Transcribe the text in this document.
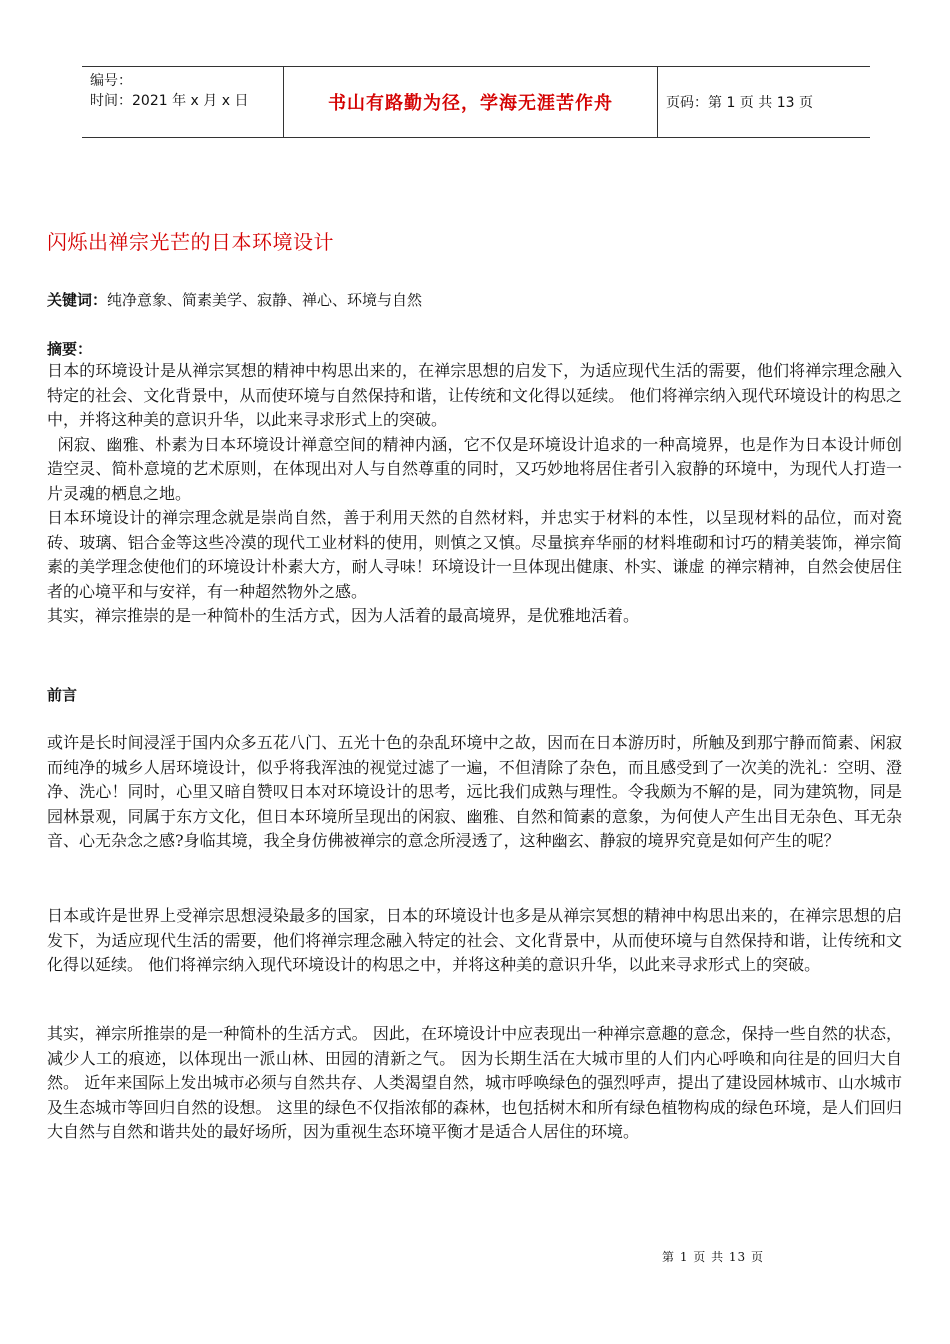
编号：
时间：2021 年 x 月 x 日	书山有路勤为径，学海无涯苦作舟	页码：第 1 页 共 13 页
闪烁出禅宗光芒的日本环境设计
关键词：纯净意象、简素美学、寂静、禅心、环境与自然
摘要：

日本的环境设计是从禅宗冥想的精神中构思出来的，在禅宗思想的启发下，为适应现代生活的需要，他们将禅宗理念融入特定的社会、文化背景中，从而使环境与自然保持和谐，让传统和文化得以延续。 他们将禅宗纳入现代环境设计的构思之中，并将这种美的意识升华，以此来寻求形式上的突破。

闲寂、幽雅、朴素为日本环境设计禅意空间的精神内涵，它不仅是环境设计追求的一种高境界，也是作为日本设计师创造空灵、简朴意境的艺术原则，在体现出对人与自然尊重的同时，又巧妙地将居住者引入寂静的环境中，为现代人打造一片灵魂的栖息之地。

日本环境设计的禅宗理念就是崇尚自然，善于利用天然的自然材料，并忠实于材料的本性，以呈现材料的品位，而对瓷砖、玻璃、铝合金等这些冷漠的现代工业材料的使用，则慎之又慎。尽量摈弃华丽的材料堆砌和讨巧的精美装饰，禅宗简素的美学理念使他们的环境设计朴素大方，耐人寻味！环境设计一旦体现出健康、朴实、谦虚 的禅宗精神，自然会使居住者的心境平和与安祥，有一种超然物外之感。

其实，禅宗推崇的是一种简朴的生活方式，因为人活着的最高境界，是优雅地活着。

前言
或许是长时间浸淫于国内众多五花八门、五光十色的杂乱环境中之故，因而在日本游历时，所触及到那宁静而简素、闲寂而纯净的城乡人居环境设计，似乎将我浑浊的视觉过滤了一遍，不但清除了杂色，而且感受到了一次美的洗礼：空明、澄净、洗心！同时，心里又暗自赞叹日本对环境设计的思考，远比我们成熟与理性。令我颇为不解的是，同为建筑物，同是园林景观，同属于东方文化，但日本环境所呈现出的闲寂、幽雅、自然和简素的意象，为何使人产生出目无杂色、耳无杂音、心无杂念之感?身临其境，我全身仿佛被禅宗的意念所浸透了，这种幽玄、静寂的境界究竟是如何产生的呢？
日本或许是世界上受禅宗思想浸染最多的国家，日本的环境设计也多是从禅宗冥想的精神中构思出来的，在禅宗思想的启发下，为适应现代生活的需要，他们将禅宗理念融入特定的社会、文化背景中，从而使环境与自然保持和谐，让传统和文化得以延续。 他们将禅宗纳入现代环境设计的构思之中，并将这种美的意识升华，以此来寻求形式上的突破。
其实，禅宗所推崇的是一种简朴的生活方式。 因此，在环境设计中应表现出一种禅宗意趣的意念，保持一些自然的状态，减少人工的痕迹，以体现出一派山林、田园的清新之气。 因为长期生活在大城市里的人们内心呼唤和向往是的回归大自然。 近年来国际上发出城市必须与自然共存、人类渴望自然，城市呼唤绿色的强烈呼声，提出了建设园林城市、山水城市及生态城市等回归自然的设想。 这里的绿色不仅指浓郁的森林，也包括树木和所有绿色植物构成的绿色环境，是人们回归大自然与自然和谐共处的最好场所，因为重视生态环境平衡才是适合人居住的环境。
第 1 页 共 13 页
